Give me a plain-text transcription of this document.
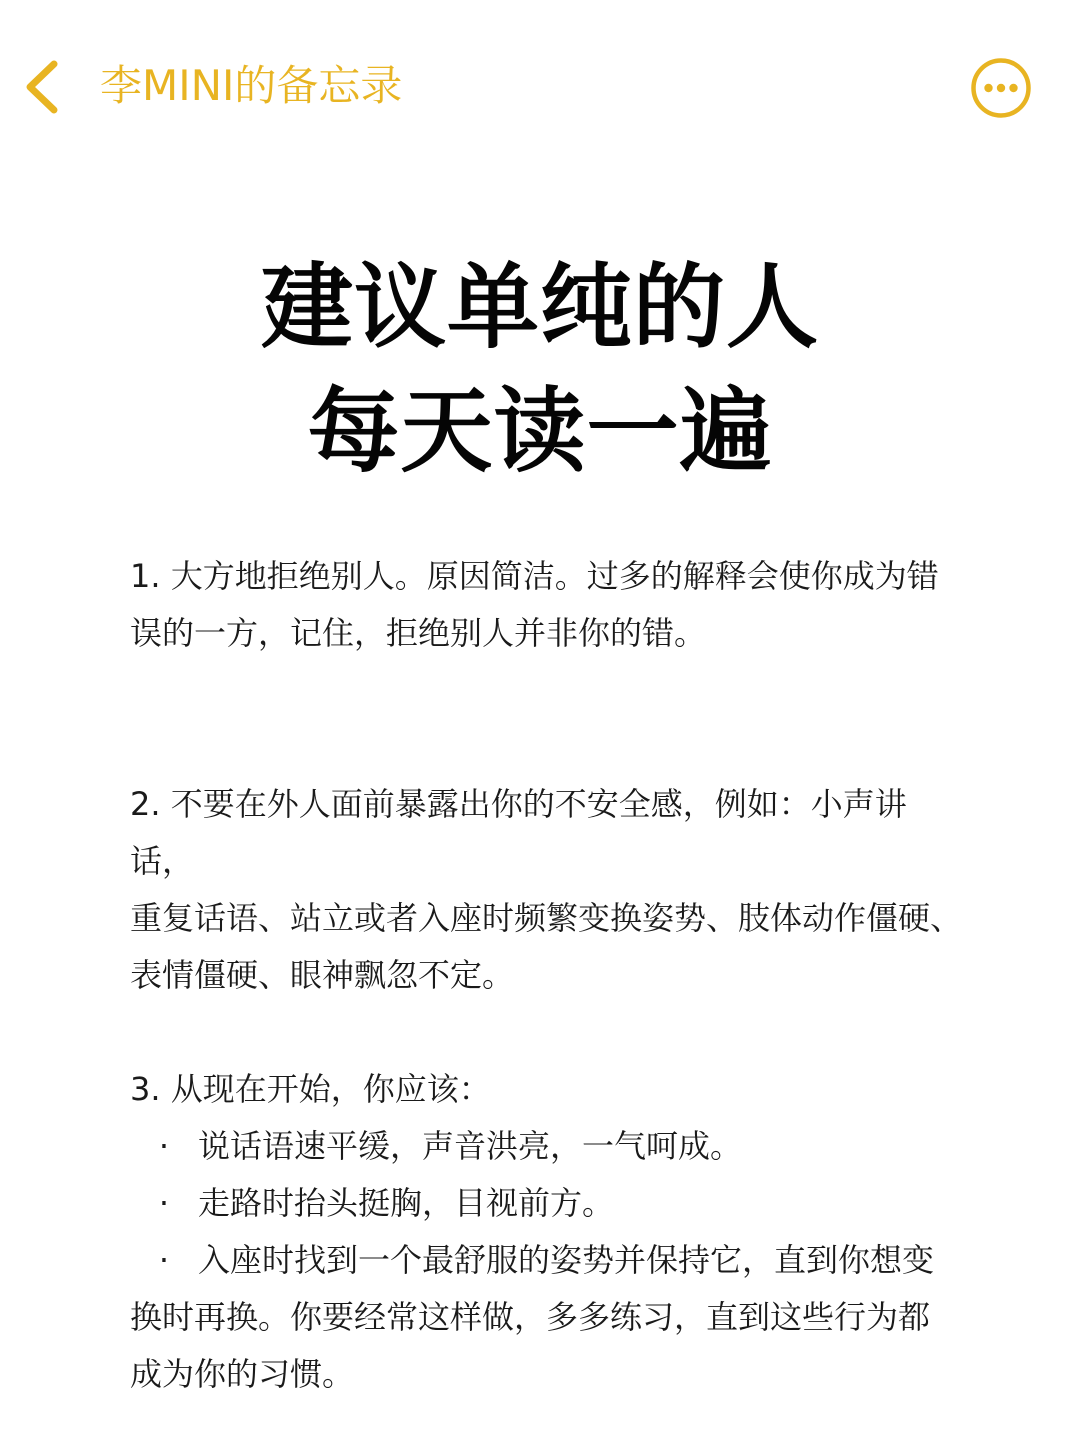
李MINI的备忘录
建议单纯的人
每天读一遍
1. 大方地拒绝别人。原因简洁。过多的解释会使你成为错
误的一方，记住，拒绝别人并非你的错。
2. 不要在外人面前暴露出你的不安全感，例如：小声讲话，
重复话语、站立或者入座时频繁变换姿势、肢体动作僵硬、
表情僵硬、眼神飘忽不定。
3. 从现在开始，你应该：
· 说话语速平缓，声音洪亮，一气呵成。
· 走路时抬头挺胸，目视前方。
· 入座时找到一个最舒服的姿势并保持它，直到你想变
换时再换。你要经常这样做，多多练习，直到这些行为都
成为你的习惯。
